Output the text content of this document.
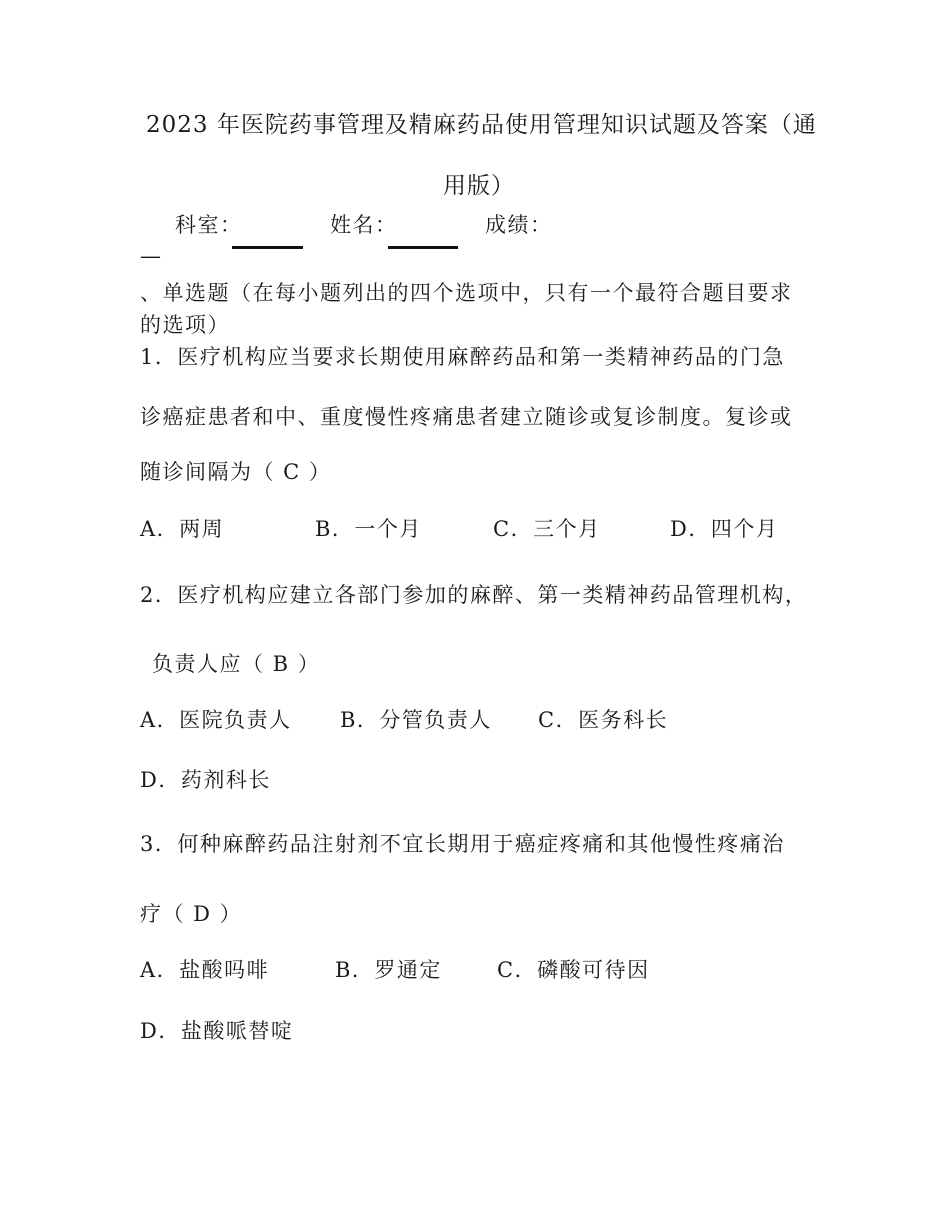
2023 年医院药事管理及精麻药品使用管理知识试题及答案（通
用版）
科室：	姓名：	成绩：
—
、单选题（在每小题列出的四个选项中，只有一个最符合题目要求
的选项）
1．医疗机构应当要求长期使用麻醉药品和第一类精神药品的门急
诊癌症患者和中、重度慢性疼痛患者建立随诊或复诊制度。复诊或
随诊间隔为（ C ）
A．两周	B．一个月	C．三个月	D．四个月
2．医疗机构应建立各部门参加的麻醉、第一类精神药品管理机构，
负责人应（ B ）
A．医院负责人 B．分管负责人 C．医务科长
D．药剂科长
3．何种麻醉药品注射剂不宜长期用于癌症疼痛和其他慢性疼痛治
疗（ D ）
A．盐酸吗啡	B．罗通定	C．磷酸可待因
D．盐酸哌替啶
